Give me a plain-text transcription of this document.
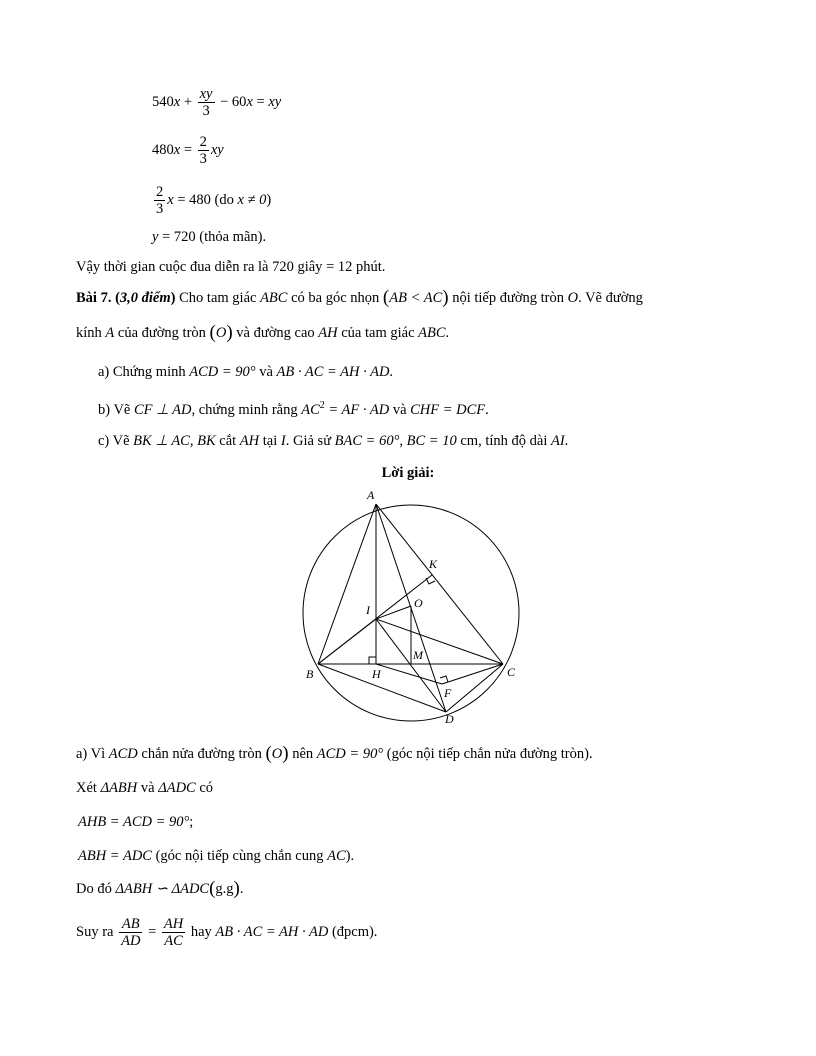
$540x + \frac{xy}{3} - 60x$ = xy
$480x = \frac{2}{3}$ xy
$\frac{2}{3}$ x = 480 (do x ≠ 0)
y = 720 (thỏa mãn).
Vậy thời gian cuộc đua diễn ra là 720 giây = 12 phút.
Bài 7. (3,0 điểm) Cho tam giác ABC có ba góc nhọn (AB < AC) nội tiếp đường tròn O. Vẽ đường
kính A của đường tròn (O) và đường cao AH của tam giác ABC.
a) Chứng minh ACD = 90° và AB · AC = AH · AD.
b) Vẽ CF ⊥ AD, chứng minh rằng $AC^2$ = AF · AD và CHF = DCF.
c) Vẽ BK ⊥ AC, BK cắt AH tại I. Giả sử BAC = 60°, BC = 10 cm, tính độ dài AI.
Lời giải:
A
K
I	O
M
B	H	C
F
D
a) Vì ACD chắn nửa đường tròn (O) nên ACD = 90° (góc nội tiếp chắn nửa đường tròn).
Xét ΔABH và ΔADC có
AHB = ACD = 90°;
ABH = ADC (góc nội tiếp cùng chắn cung AC).
Do đó ΔABH ∽ ΔADC(g.g).
Suy ra $\frac{AB}{AD} = \frac{AH}{AC}$ hay AB · AC = AH · AD (đpcm).
